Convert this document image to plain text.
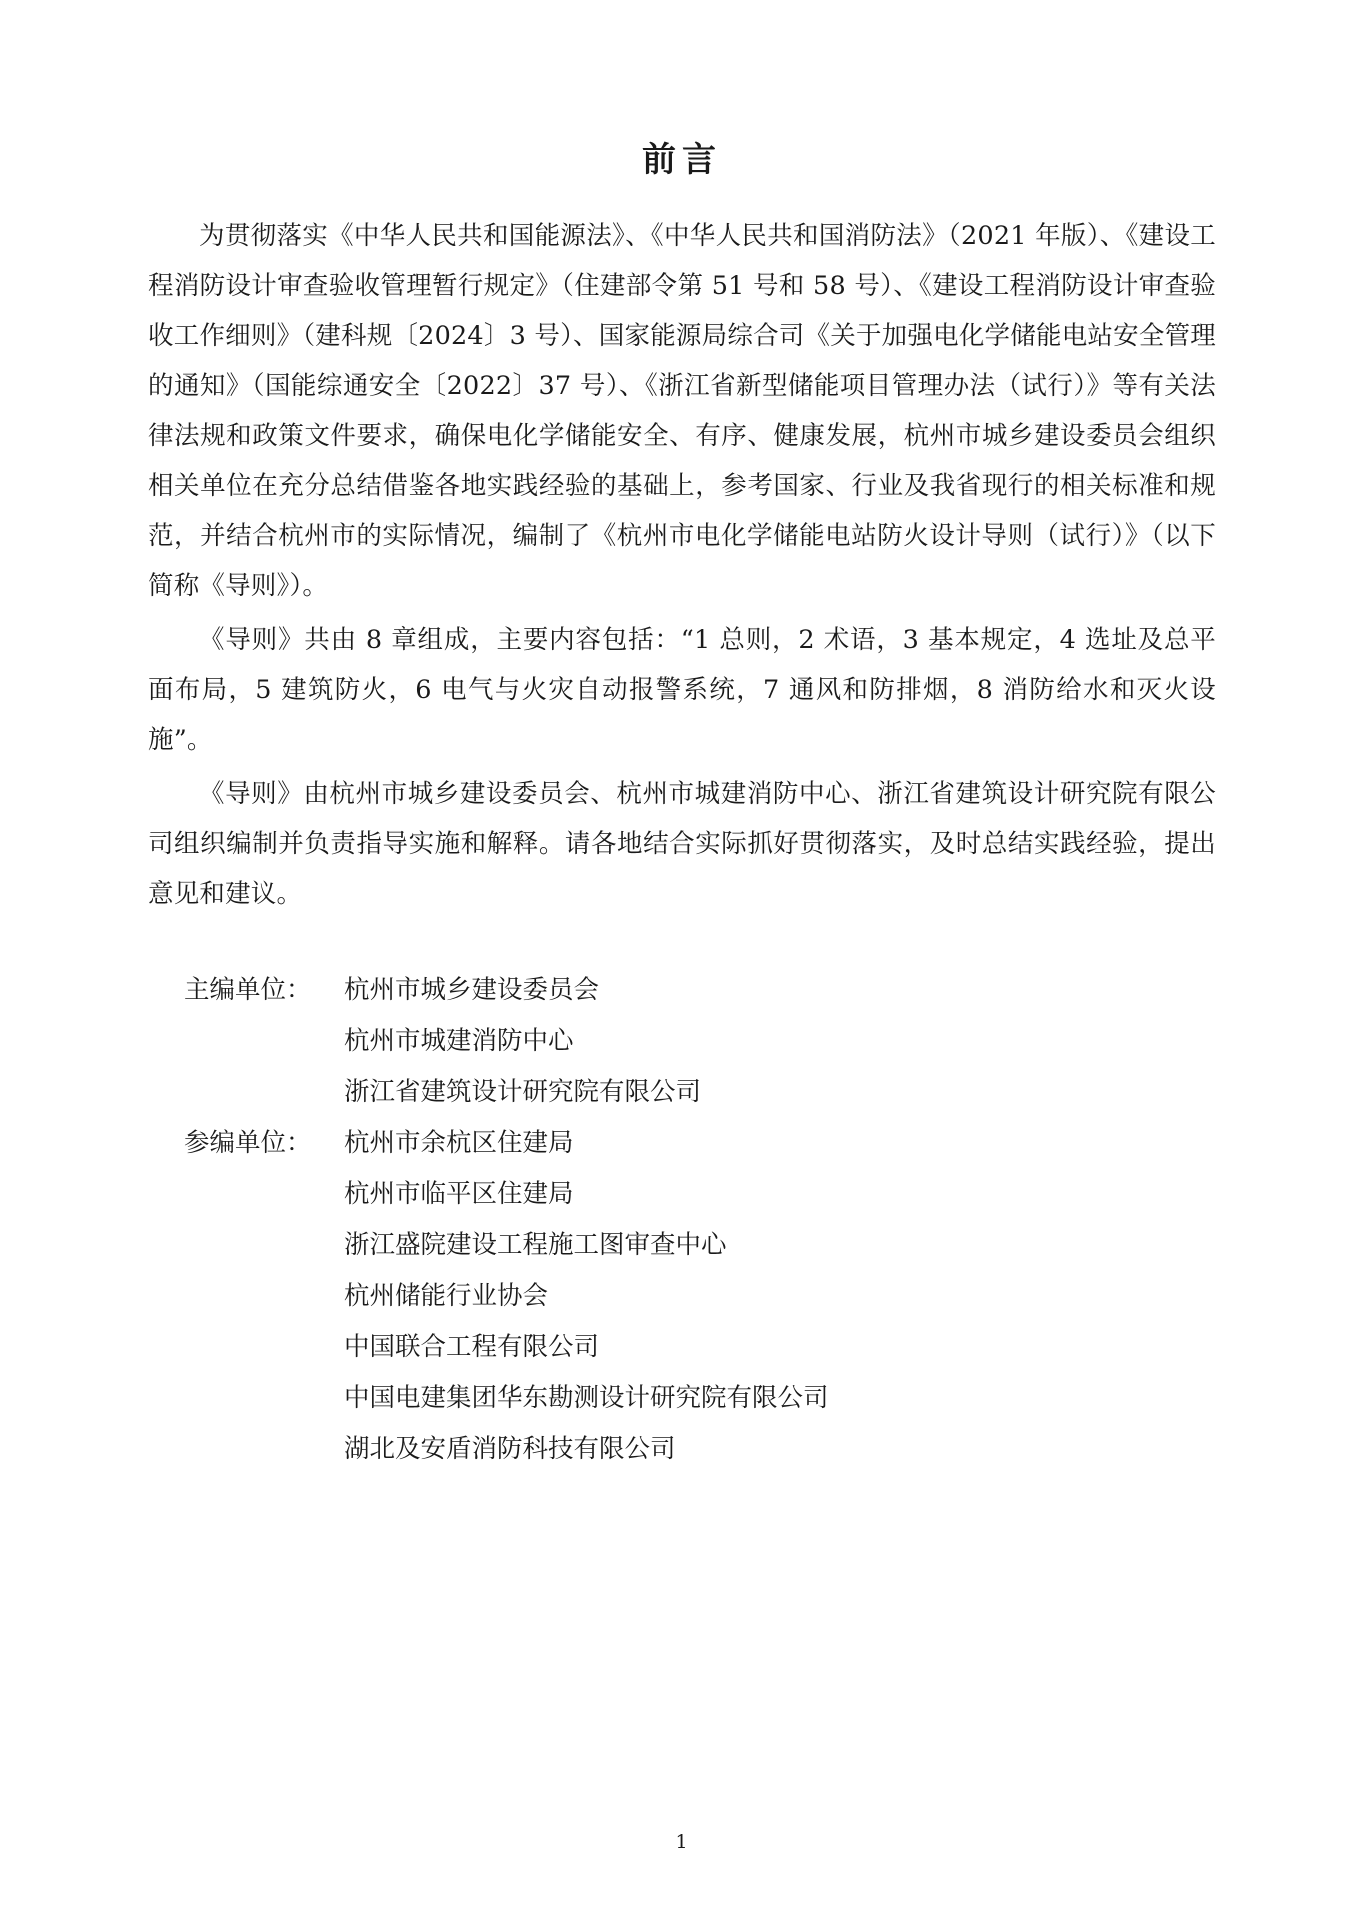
前言

为贯彻落实《中华人民共和国能源法》、《中华人民共和国消防法》（2021 年版）、《建设工程消防设计审查验收管理暂行规定》（住建部令第 51 号和 58 号）、《建设工程消防设计审查验收工作细则》（建科规〔2024〕3 号）、国家能源局综合司《关于加强电化学储能电站安全管理的通知》（国能综通安全〔2022〕37 号）、《浙江省新型储能项目管理办法（试行）》等有关法律法规和政策文件要求，确保电化学储能安全、有序、健康发展，杭州市城乡建设委员会组织相关单位在充分总结借鉴各地实践经验的基础上，参考国家、行业及我省现行的相关标准和规范，并结合杭州市的实际情况，编制了《杭州市电化学储能电站防火设计导则（试行）》（以下简称《导则》）。

《导则》共由 8 章组成，主要内容包括：“1 总则，2 术语，3 基本规定，4 选址及总平面布局，5 建筑防火，6 电气与火灾自动报警系统，7 通风和防排烟，8 消防给水和灭火设施”。

《导则》由杭州市城乡建设委员会、杭州市城建消防中心、浙江省建筑设计研究院有限公司组织编制并负责指导实施和解释。请各地结合实际抓好贯彻落实，及时总结实践经验，提出意见和建议。

主编单位：	杭州市城乡建设委员会
杭州市城建消防中心
浙江省建筑设计研究院有限公司
参编单位：	杭州市余杭区住建局
杭州市临平区住建局
浙江盛院建设工程施工图审查中心
杭州储能行业协会
中国联合工程有限公司
中国电建集团华东勘测设计研究院有限公司
湖北及安盾消防科技有限公司
1
